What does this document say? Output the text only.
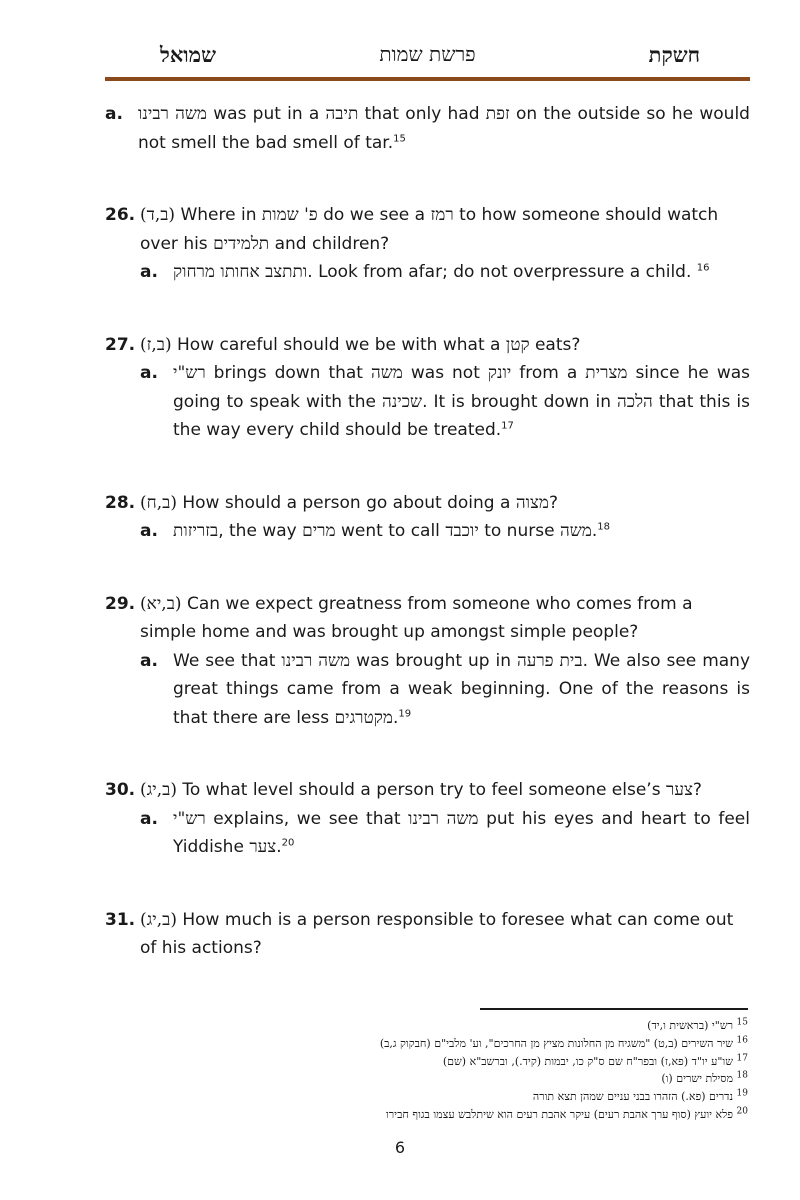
שמואל	פרשת שמות	חשקת
a. משה רבינו was put in a תיבה that only had זפת on the outside so he would not smell the bad smell of tar.$^{15}$
26. (ב,ד) Where in פ' שמות do we see a רמז to how someone should watch over his תלמידים and children?
a. ותתצב אחותו מרחוק. Look from afar; do not overpressure a child. $^{16}$
27. (ב,ז) How careful should we be with what a קטן eats?
a. רש"י brings down that משה was not יונק from a מצרית since he was going to speak with the שכינה. It is brought down in הלכה that this is the way every child should be treated.$^{17}$
28. (ב,ח) How should a person go about doing a מצוה?
a. בזריזות, the way מרים went to call יוכבד to nurse משה.$^{18}$
29. (ב,יא) Can we expect greatness from someone who comes from a simple home and was brought up amongst simple people?
a. We see that משה רבינו was brought up in בית פרעה. We also see many great things came from a weak beginning. One of the reasons is that there are less מקטרגים.$^{19}$
30. (ב,יג) To what level should a person try to feel someone else’s צער?
a. רש"י explains, we see that משה רבינו put his eyes and heart to feel Yiddishe צער.$^{20}$
31. (ב,יג) How much is a person responsible to foresee what can come out of his actions?
$^{15}$ רש"י (בראשית ו,יד)
$^{16}$ שיר השירים (ב,ט) "משגיח מן החלונות מציץ מן החרכים", וע' מלבי"ם (חבקוק ג,ב)
$^{17}$ שו"ע יו"ד (פא,ז) ובפר"ח שם ס"ק כו, יבמות (קיד.), וברשב"א (שם)
$^{18}$ מסילת ישרים (ו)
$^{19}$ נדרים (פא.) הזהרו בבני עניים שמהן תצא תורה
$^{20}$ פלא יועץ (סוף ערך אהבת רעים) עיקר אהבת רעים הוא שיתלבש עצמו בגוף חבירו
6
